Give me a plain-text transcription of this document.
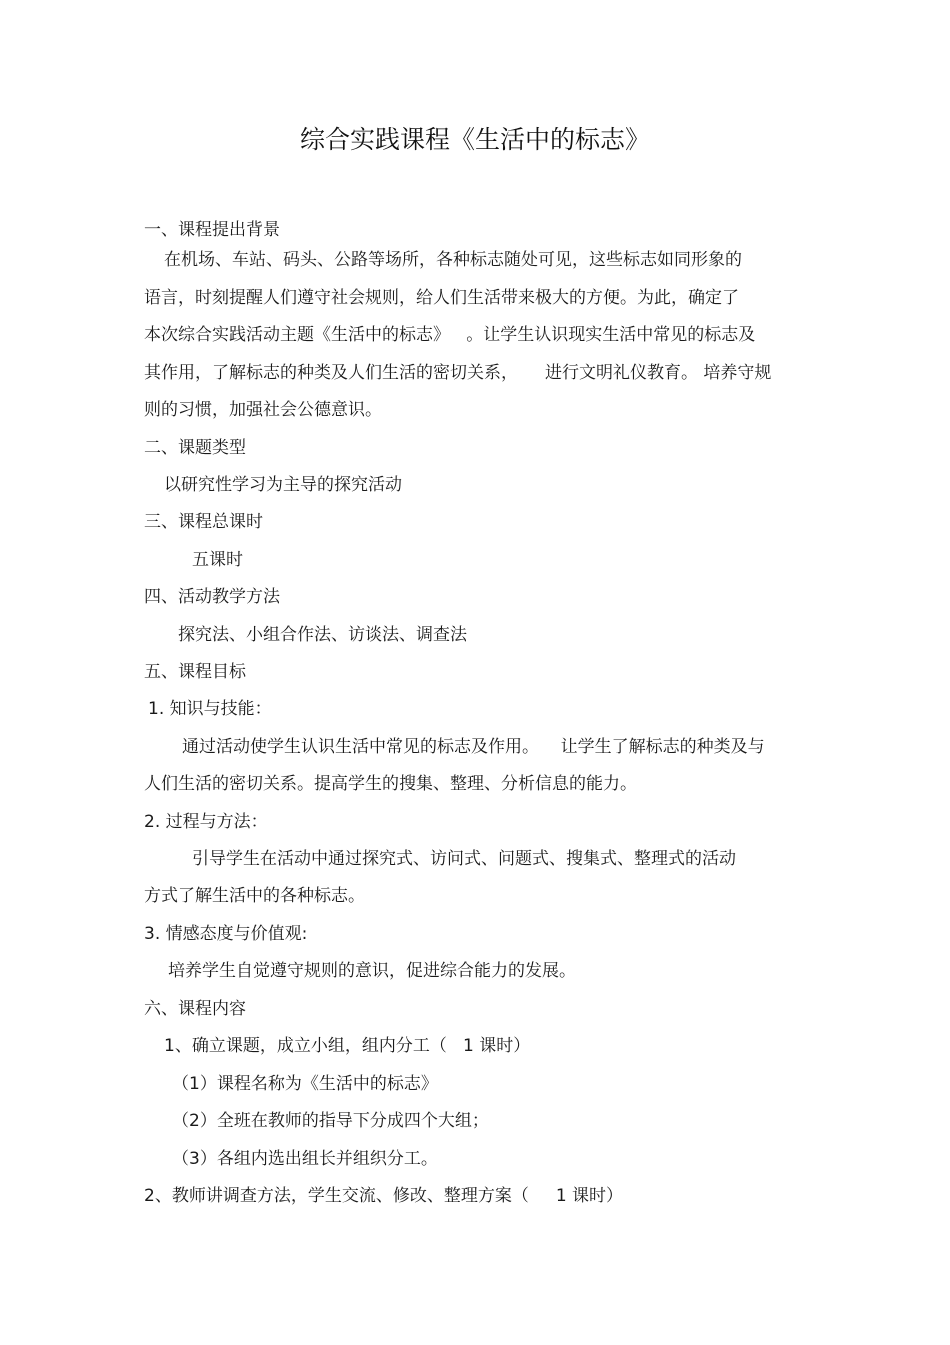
综合实践课程《生活中的标志》
一、课程提出背景
在机场、车站、码头、公路等场所，各种标志随处可见，这些标志如同形象的
语言，时刻提醒人们遵守社会规则，给人们生活带来极大的方便。为此，确定了
本次综合实践活动主题《生活中的标志》   。让学生认识现实生活中常见的标志及
其作用，了解标志的种类及人们生活的密切关系，     进行文明礼仪教育。 培养守规
则的习惯，加强社会公德意识。
二、课题类型
以研究性学习为主导的探究活动
三、课程总课时
五课时
四、活动教学方法
探究法、小组合作法、访谈法、调查法
五、课程目标
1. 知识与技能：
通过活动使学生认识生活中常见的标志及作用。    让学生了解标志的种类及与
人们生活的密切关系。提高学生的搜集、整理、分析信息的能力。
2. 过程与方法：
引导学生在活动中通过探究式、访问式、问题式、搜集式、整理式的活动
方式了解生活中的各种标志。
3. 情感态度与价值观:
培养学生自觉遵守规则的意识，促进综合能力的发展。
六、课程内容
1、确立课题，成立小组，组内分工（   1 课时）
（1）课程名称为《生活中的标志》
（2）全班在教师的指导下分成四个大组；
（3）各组内选出组长并组织分工。
2、教师讲调查方法，学生交流、修改、整理方案（     1 课时）
